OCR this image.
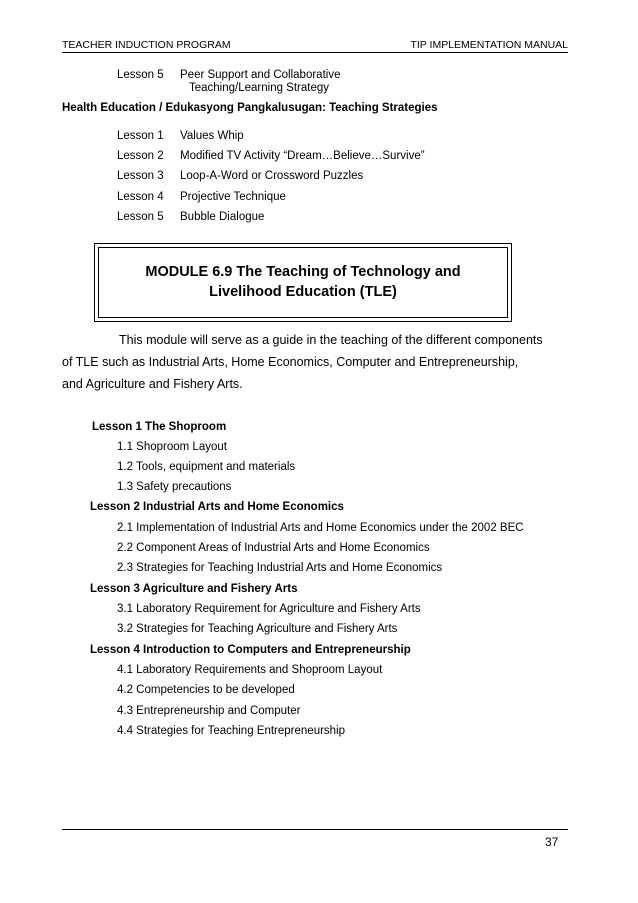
TEACHER INDUCTION PROGRAM	TIP IMPLEMENTATION MANUAL
Lesson 5 Peer Support and Collaborative
Teaching/Learning Strategy
Health Education / Edukasyong Pangkalusugan: Teaching Strategies
Lesson 1 Values Whip
Lesson 2 Modified TV Activity “Dream…Believe…Survive”
Lesson 3 Loop-A-Word or Crossword Puzzles
Lesson 4 Projective Technique
Lesson 5 Bubble Dialogue
MODULE 6.9 The Teaching of Technology and
Livelihood Education (TLE)
This module will serve as a guide in the teaching of the different components
of TLE such as Industrial Arts, Home Economics, Computer and Entrepreneurship,
and Agriculture and Fishery Arts.
Lesson 1 The Shoproom
1.1 Shoproom Layout
1.2 Tools, equipment and materials
1.3 Safety precautions
Lesson 2 Industrial Arts and Home Economics
2.1 Implementation of Industrial Arts and Home Economics under the 2002 BEC
2.2 Component Areas of Industrial Arts and Home Economics
2.3 Strategies for Teaching Industrial Arts and Home Economics
Lesson 3 Agriculture and Fishery Arts
3.1 Laboratory Requirement for Agriculture and Fishery Arts
3.2 Strategies for Teaching Agriculture and Fishery Arts
Lesson 4 Introduction to Computers and Entrepreneurship
4.1 Laboratory Requirements and Shoproom Layout
4.2 Competencies to be developed
4.3 Entrepreneurship and Computer
4.4 Strategies for Teaching Entrepreneurship
37
